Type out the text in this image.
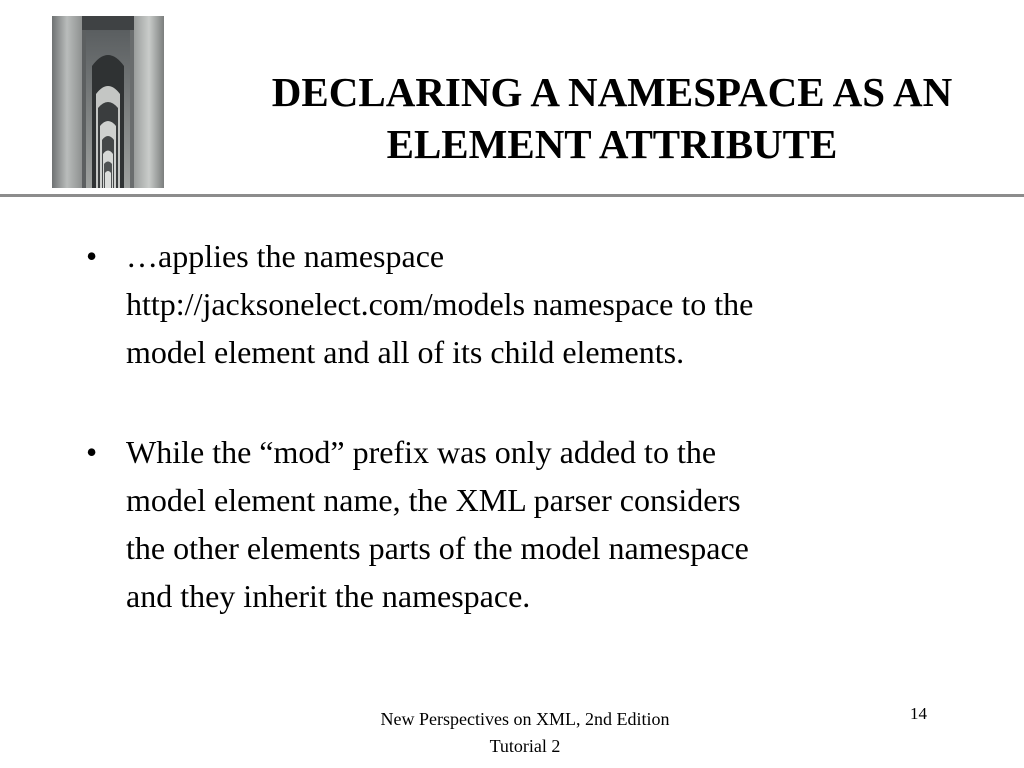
DECLARING A NAMESPACE AS AN
ELEMENT ATTRIBUTE
• …applies the namespace
http://jacksonelect.com/models namespace to the
model element and all of its child elements.
• While the “mod” prefix was only added to the
model element name, the XML parser considers
the other elements parts of the model namespace
and they inherit the namespace.
New Perspectives on XML, 2nd Edition
Tutorial 2
14
